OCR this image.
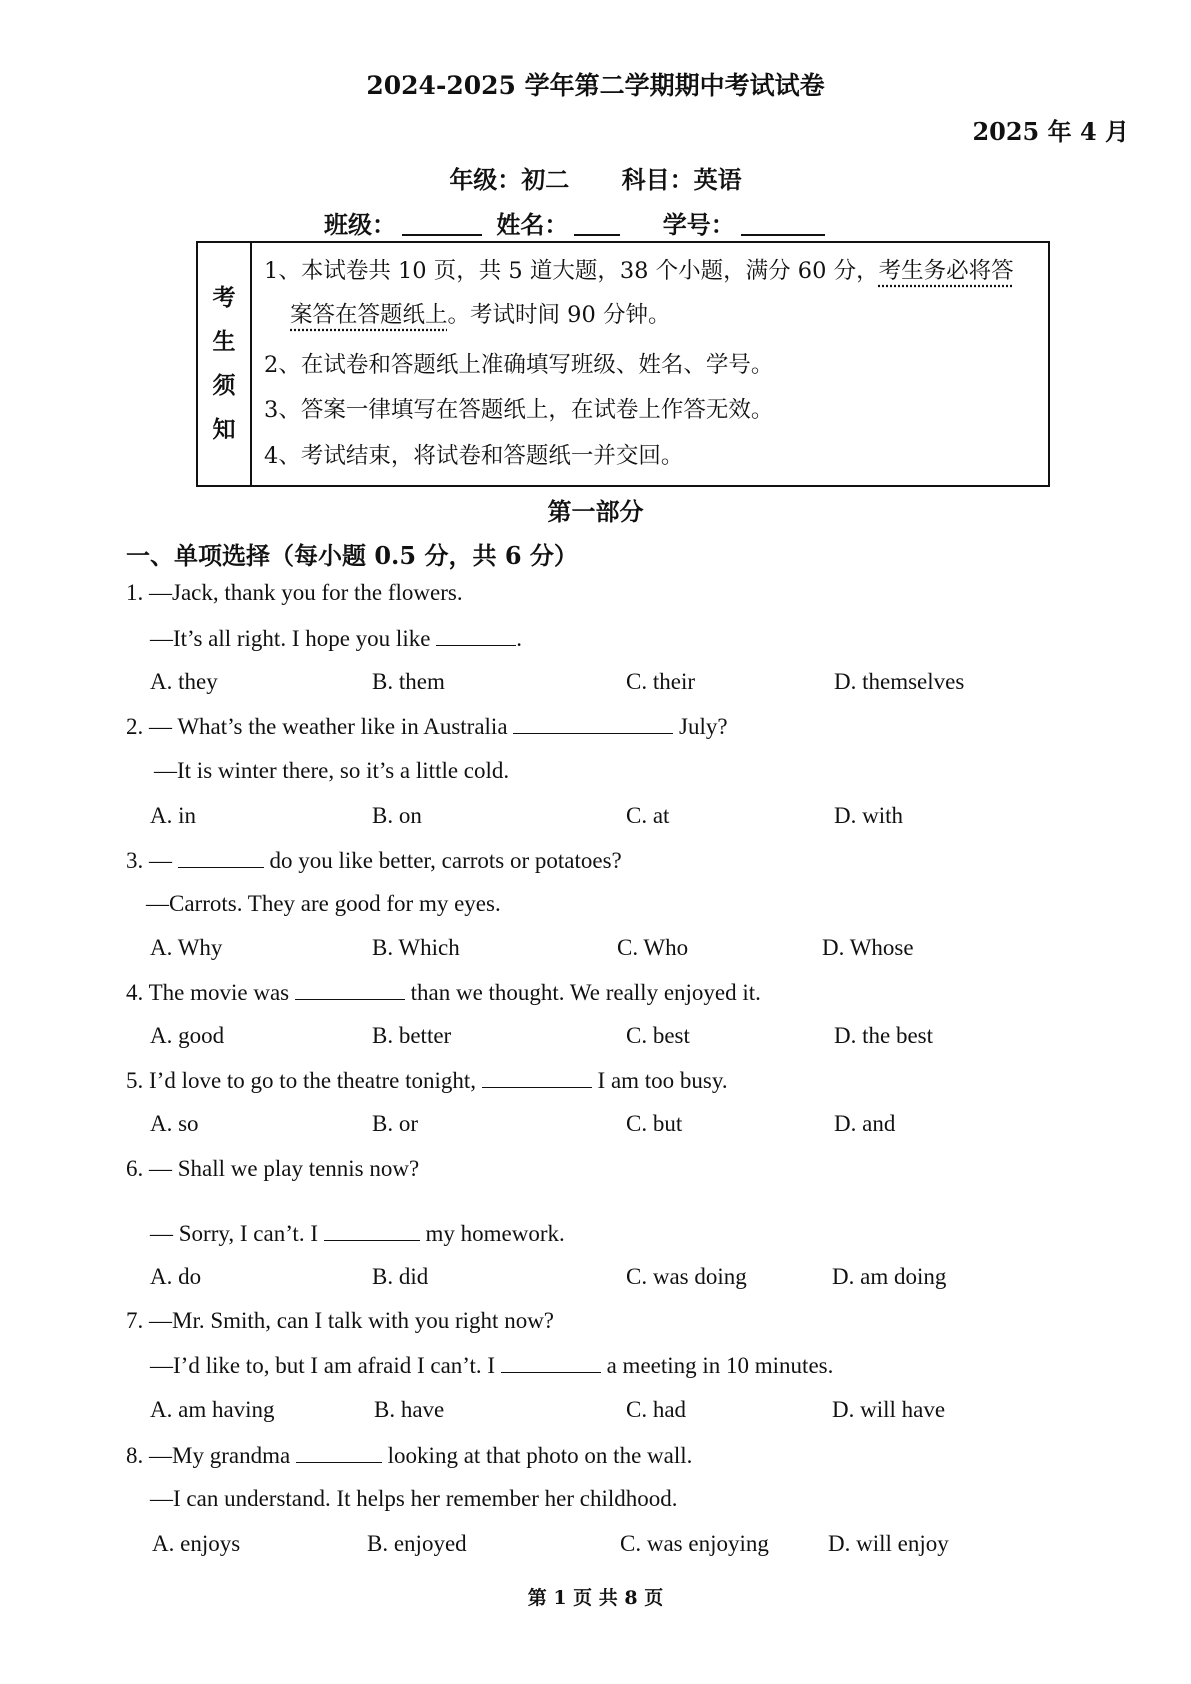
2024-2025 学年第二学期期中考试试卷
2025 年 4 月
年级：初二 科目：英语
班级：	姓名：	学号：
考
生
须
知
1、本试卷共 10 页，共 5 道大题，38 个小题，满分 60 分，考生务必将答
案答在答题纸上。考试时间 90 分钟。
2、在试卷和答题纸上准确填写班级、姓名、学号。
3、答案一律填写在答题纸上，在试卷上作答无效。
4、考试结束，将试卷和答题纸一并交回。
第一部分
一、单项选择（每小题 0.5 分，共 6 分）
1. —Jack, thank you for the flowers.
—It’s all right. I hope you like	.
A. they	B. them	C. their	D. themselves
2. — What’s the weather like in Australia	July?
—It is winter there, so it’s a little cold.
A. in	B. on	C. at	D. with
3. —	do you like better, carrots or potatoes?
—Carrots. They are good for my eyes.
A. Why	B. Which	C. Who	D. Whose
4. The movie was	than we thought. We really enjoyed it.
A. good	B. better	C. best	D. the best
5. I’d love to go to the theatre tonight,	I am too busy.
A. so	B. or	C. but	D. and
6. — Shall we play tennis now?
— Sorry, I can’t. I	my homework.
A. do	B. did	C. was doing	D. am doing
7. —Mr. Smith, can I talk with you right now?
—I’d like to, but I am afraid I can’t. I	a meeting in 10 minutes.
A. am having	B. have	C. had	D. will have
8. —My grandma	looking at that photo on the wall.
—I can understand. It helps her remember her childhood.
A. enjoys	B. enjoyed	C. was enjoying	D. will enjoy
第 1 页 共 8 页
